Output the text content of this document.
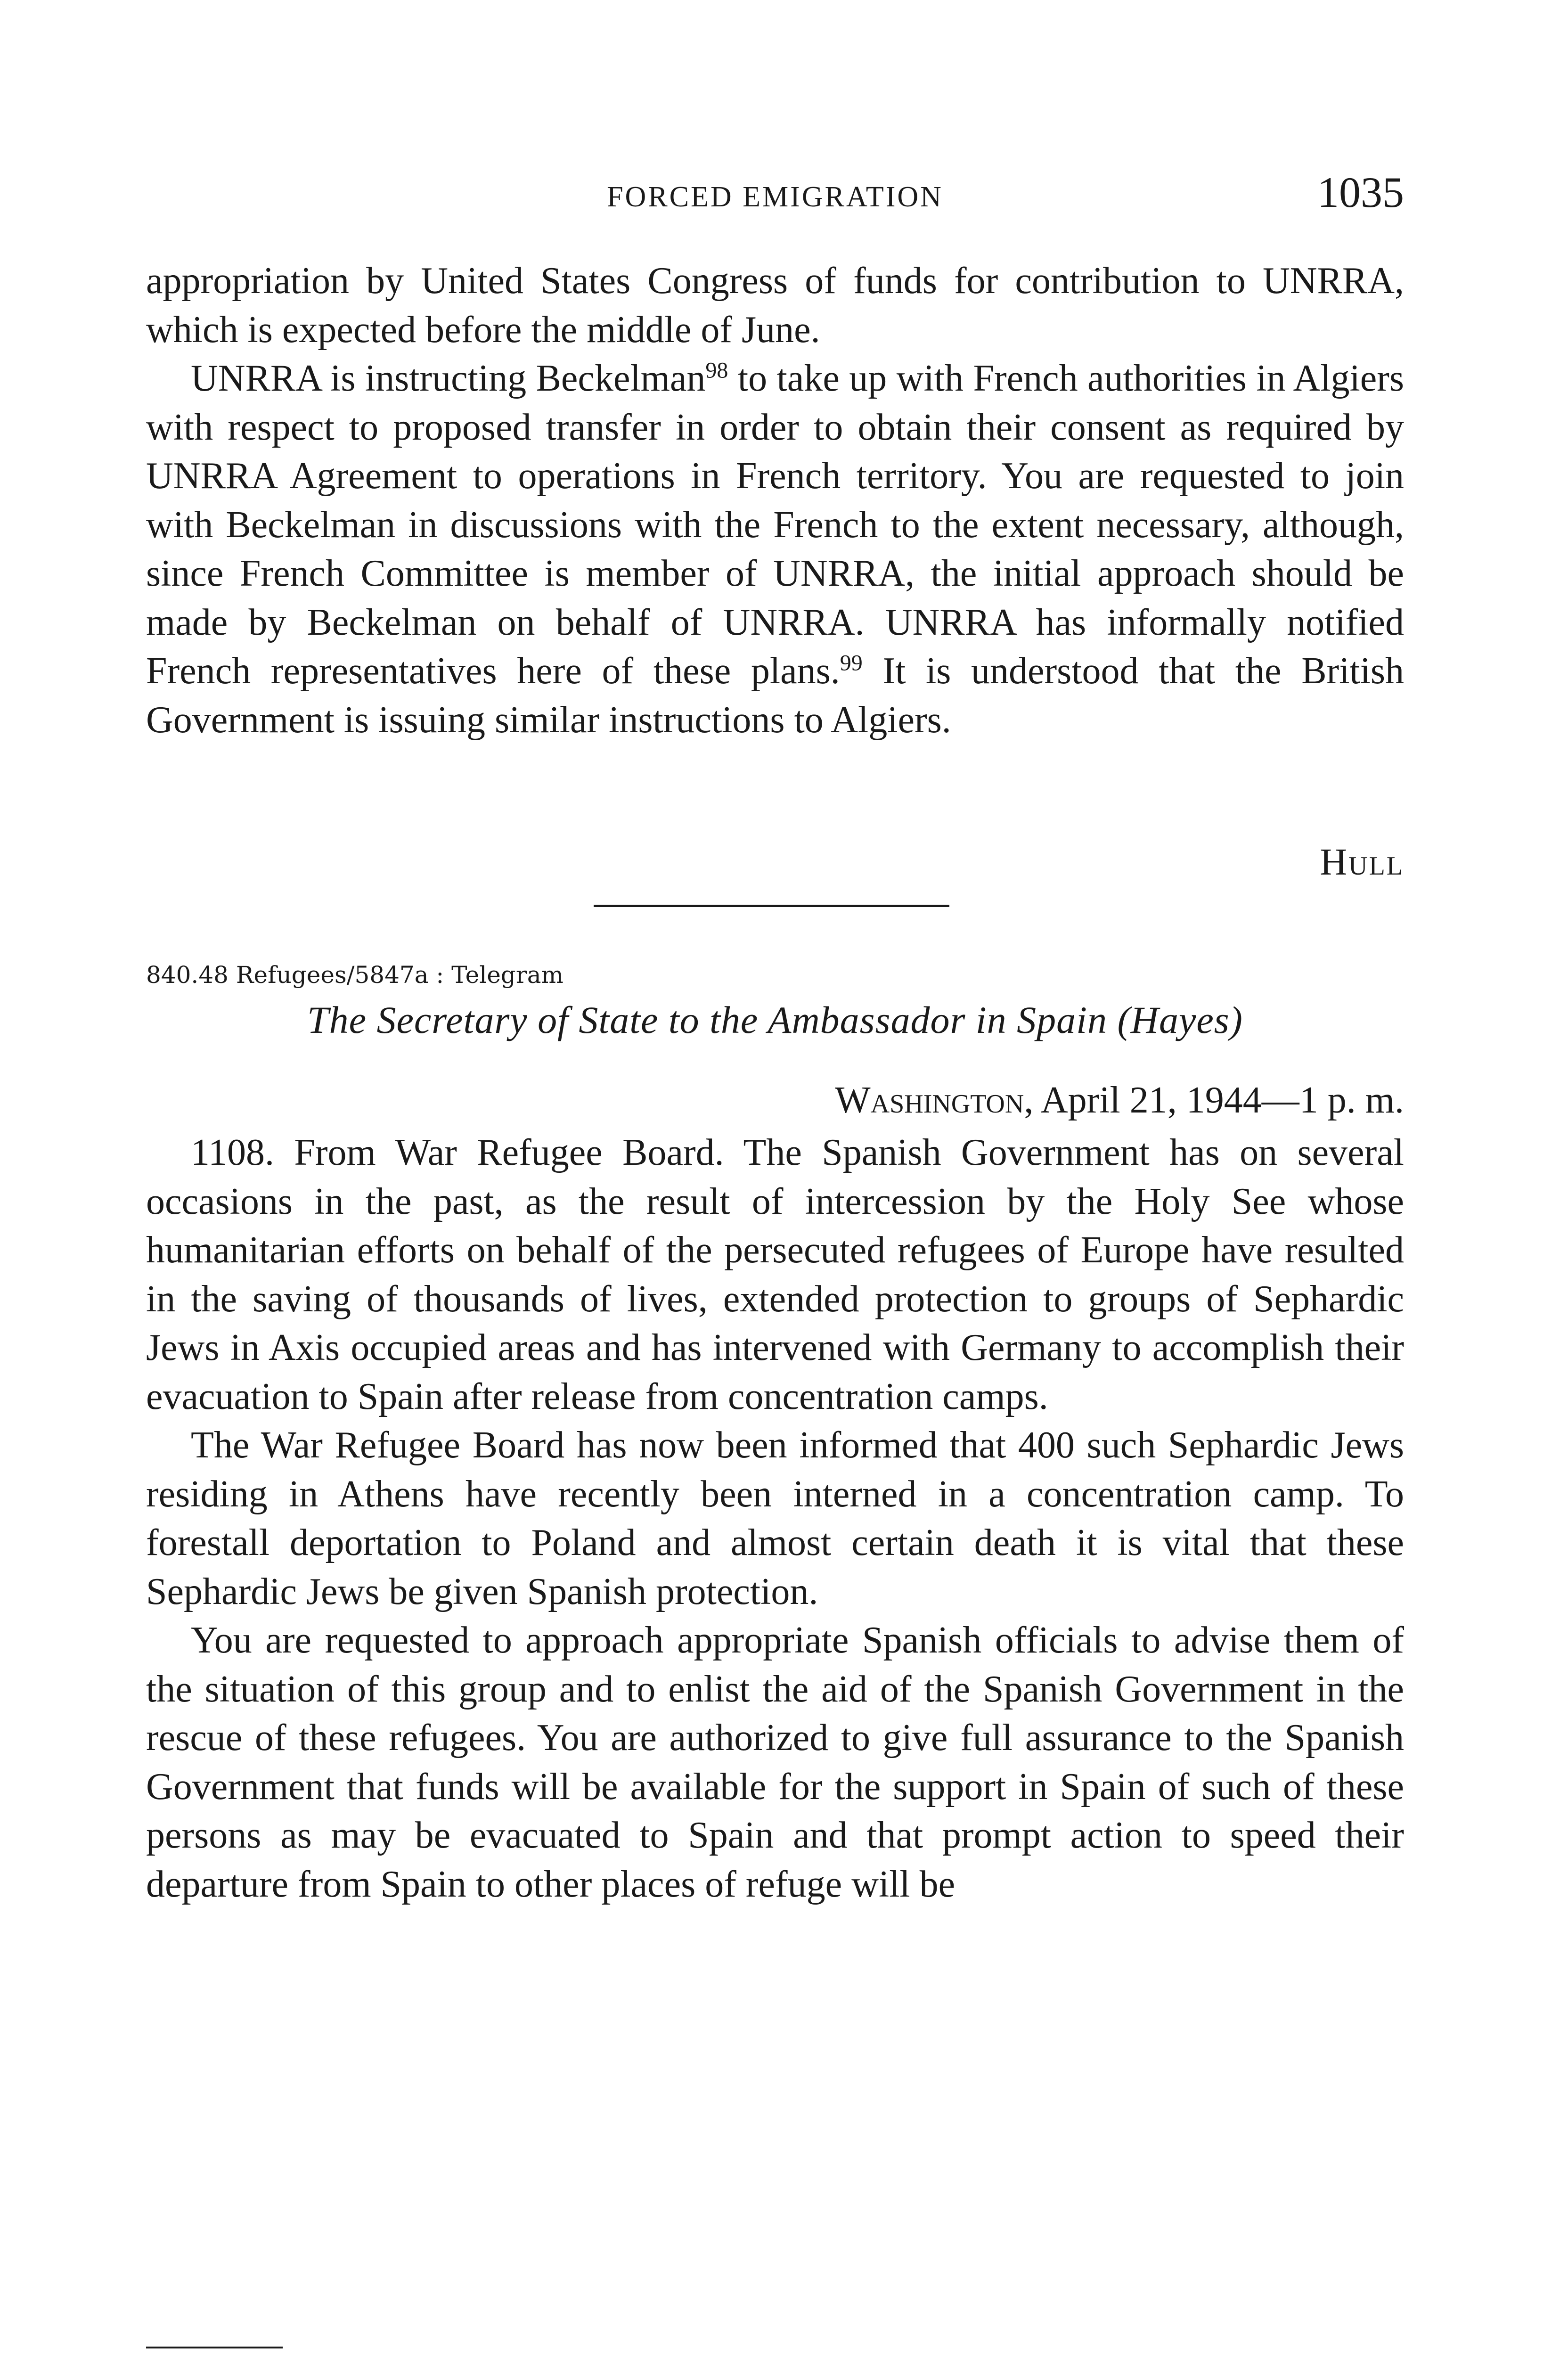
FORCED EMIGRATION	1035

appropriation by United States Congress of funds for contribution to UNRRA, which is expected before the middle of June.

UNRRA is instructing Beckelman$^{98}$ to take up with French authorities in Algiers with respect to proposed transfer in order to obtain their consent as required by UNRRA Agreement to operations in French territory. You are requested to join with Beckelman in discussions with the French to the extent necessary, although, since French Committee is member of UNRRA, the initial approach should be made by Beckelman on behalf of UNRRA. UNRRA has informally notified French representatives here of these plans.$^{99}$ It is understood that the British Government is issuing similar instructions to Algiers.

Hull
840.48 Refugees/5847a : Telegram
The Secretary of State to the Ambassador in Spain (Hayes)
Washington, April 21, 1944—1 p. m.

1108. From War Refugee Board. The Spanish Government has on several occasions in the past, as the result of intercession by the Holy See whose humanitarian efforts on behalf of the persecuted refugees of Europe have resulted in the saving of thousands of lives, extended protection to groups of Sephardic Jews in Axis occupied areas and has intervened with Germany to accomplish their evacuation to Spain after release from concentration camps.

The War Refugee Board has now been informed that 400 such Sephardic Jews residing in Athens have recently been interned in a concentration camp. To forestall deportation to Poland and almost certain death it is vital that these Sephardic Jews be given Spanish protection.

You are requested to approach appropriate Spanish officials to advise them of the situation of this group and to enlist the aid of the Spanish Government in the rescue of these refugees. You are authorized to give full assurance to the Spanish Government that funds will be available for the support in Spain of such of these persons as may be evacuated to Spain and that prompt action to speed their departure from Spain to other places of refuge will be
